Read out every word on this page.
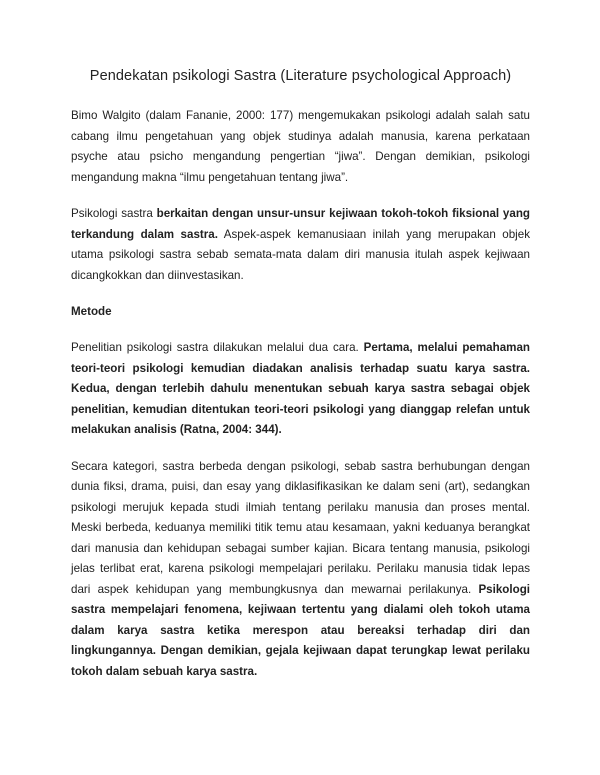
Pendekatan psikologi Sastra (Literature psychological Approach)

Bimo Walgito (dalam Fananie, 2000: 177) mengemukakan psikologi adalah salah satu cabang ilmu pengetahuan yang objek studinya adalah manusia, karena perkataan psyche atau psicho mengandung pengertian “jiwa”. Dengan demikian, psikologi mengandung makna “ilmu pengetahuan tentang jiwa”.

Psikologi sastra berkaitan dengan unsur-unsur kejiwaan tokoh-tokoh fiksional yang terkandung dalam sastra. Aspek-aspek kemanusiaan inilah yang merupakan objek utama psikologi sastra sebab semata-mata dalam diri manusia itulah aspek kejiwaan dicangkokkan dan diinvestasikan.

Metode

Penelitian psikologi sastra dilakukan melalui dua cara. Pertama, melalui pemahaman teori-teori psikologi kemudian diadakan analisis terhadap suatu karya sastra. Kedua, dengan terlebih dahulu menentukan sebuah karya sastra sebagai objek penelitian, kemudian ditentukan teori-teori psikologi yang dianggap relefan untuk melakukan analisis (Ratna, 2004: 344).

Secara kategori, sastra berbeda dengan psikologi, sebab sastra berhubungan dengan dunia fiksi, drama, puisi, dan esay yang diklasifikasikan ke dalam seni (art), sedangkan psikologi merujuk kepada studi ilmiah tentang perilaku manusia dan proses mental. Meski berbeda, keduanya memiliki titik temu atau kesamaan, yakni keduanya berangkat dari manusia dan kehidupan sebagai sumber kajian. Bicara tentang manusia, psikologi jelas terlibat erat, karena psikologi mempelajari perilaku. Perilaku manusia tidak lepas dari aspek kehidupan yang membungkusnya dan mewarnai perilakunya. Psikologi sastra mempelajari fenomena, kejiwaan tertentu yang dialami oleh tokoh utama dalam karya sastra ketika merespon atau bereaksi terhadap diri dan lingkungannya. Dengan demikian, gejala kejiwaan dapat terungkap lewat perilaku tokoh dalam sebuah karya sastra.
